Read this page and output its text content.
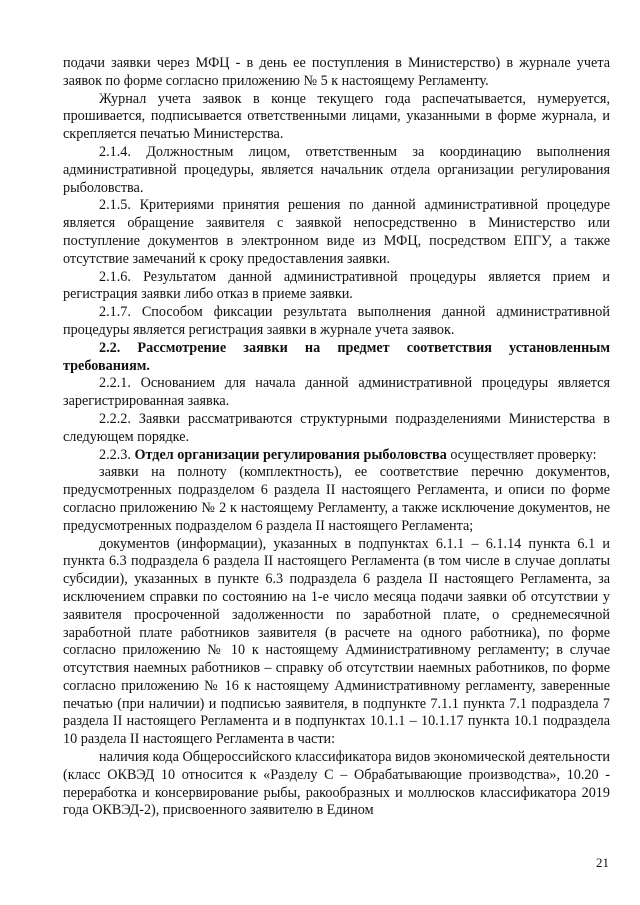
подачи заявки через МФЦ - в день ее поступления в Министерство) в журнале учета заявок по форме согласно приложению № 5 к настоящему Регламенту.

Журнал учета заявок в конце текущего года распечатывается, нумеруется, прошивается, подписывается ответственными лицами, указанными в форме журнала, и скрепляется печатью Министерства.

2.1.4. Должностным лицом, ответственным за координацию выполнения административной процедуры, является начальник отдела организации регулирования рыболовства.

2.1.5. Критериями принятия решения по данной административной процедуре является обращение заявителя с заявкой непосредственно в Министерство или поступление документов в электронном виде из МФЦ, посредством ЕПГУ, а также отсутствие замечаний к сроку предоставления заявки.

2.1.6. Результатом данной административной процедуры является прием и регистрация заявки либо отказ в приеме заявки.

2.1.7. Способом фиксации результата выполнения данной административной процедуры является регистрация заявки в журнале учета заявок.

2.2. Рассмотрение заявки на предмет соответствия установленным требованиям.

2.2.1. Основанием для начала данной административной процедуры является зарегистрированная заявка.

2.2.2. Заявки рассматриваются структурными подразделениями Министерства в следующем порядке.

2.2.3. Отдел организации регулирования рыболовства осуществляет проверку:

заявки на полноту (комплектность), ее соответствие перечню документов, предусмотренных подразделом 6 раздела II настоящего Регламента, и описи по форме согласно приложению № 2 к настоящему Регламенту, а также исключение документов, не предусмотренных подразделом 6 раздела II настоящего Регламента;

документов (информации), указанных в подпунктах 6.1.1 – 6.1.14 пункта 6.1 и пункта 6.3 подраздела 6 раздела II настоящего Регламента (в том числе в случае доплаты субсидии), указанных в пункте 6.3 подраздела 6 раздела II настоящего Регламента, за исключением справки по состоянию на 1-е число месяца подачи заявки об отсутствии у заявителя просроченной задолженности по заработной плате, о среднемесячной заработной плате работников заявителя (в расчете на одного работника), по форме согласно приложению № 10 к настоящему Административному регламенту; в случае отсутствия наемных работников – справку об отсутствии наемных работников, по форме согласно приложению № 16 к настоящему Административному регламенту, заверенные печатью (при наличии) и подписью заявителя, в подпункте 7.1.1 пункта 7.1 подраздела 7 раздела II настоящего Регламента и в подпунктах 10.1.1 – 10.1.17 пункта 10.1 подраздела 10 раздела II настоящего Регламента в части:

наличия кода Общероссийского классификатора видов экономической деятельности (класс ОКВЭД 10 относится к «Разделу С – Обрабатывающие производства», 10.20 - переработка и консервирование рыбы, ракообразных и моллюсков классификатора 2019 года ОКВЭД-2), присвоенного заявителю в Едином

21
